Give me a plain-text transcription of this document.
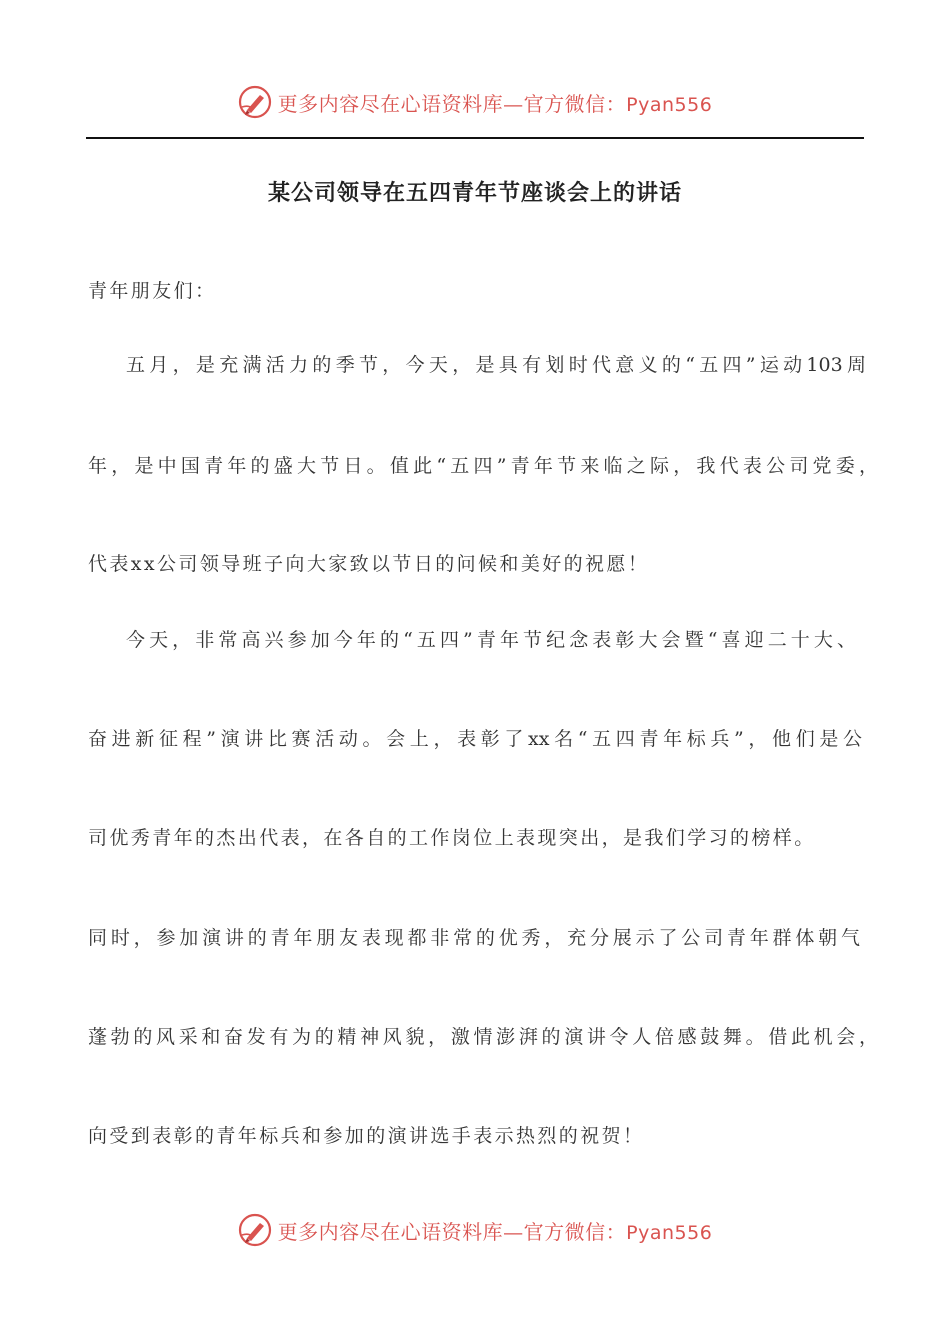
更多内容尽在心语资料库—官方微信：Pyan556
某公司领导在五四青年节座谈会上的讲话
青年朋友们：
五月，是充满活力的季节，今天，是具有划时代意义的“五四”运动103周
年，是中国青年的盛大节日。值此“五四”青年节来临之际，我代表公司党委，
代表xx公司领导班子向大家致以节日的问候和美好的祝愿！
今天，非常高兴参加今年的“五四”青年节纪念表彰大会暨“喜迎二十大、
奋进新征程”演讲比赛活动。会上，表彰了xx名“五四青年标兵”，他们是公
司优秀青年的杰出代表，在各自的工作岗位上表现突出，是我们学习的榜样。
同时，参加演讲的青年朋友表现都非常的优秀，充分展示了公司青年群体朝气
蓬勃的风采和奋发有为的精神风貌，激情澎湃的演讲令人倍感鼓舞。借此机会，
向受到表彰的青年标兵和参加的演讲选手表示热烈的祝贺！
更多内容尽在心语资料库—官方微信：Pyan556
